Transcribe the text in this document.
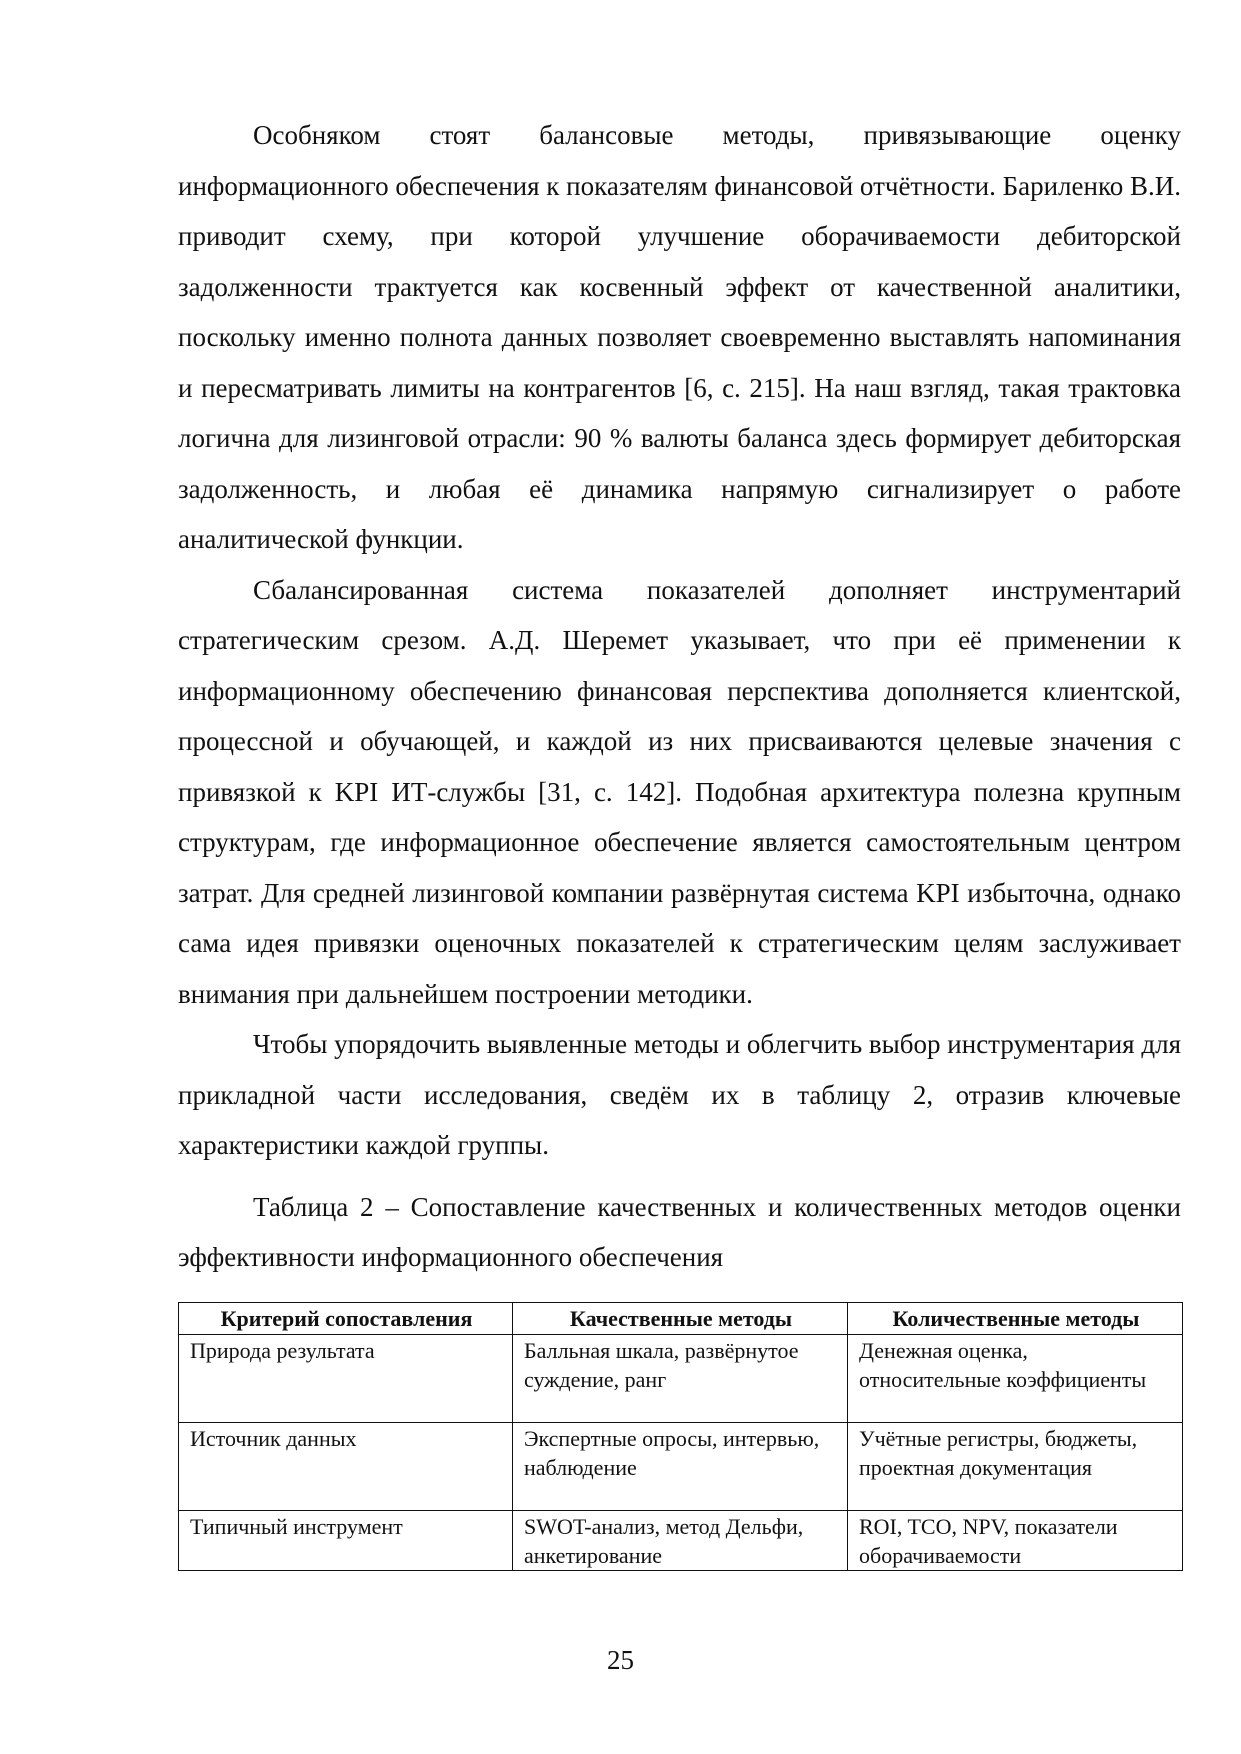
Особняком стоят балансовые методы, привязывающие оценку информационного обеспечения к показателям финансовой отчётности. Бариленко В.И. приводит схему, при которой улучшение оборачиваемости дебиторской задолженности трактуется как косвенный эффект от качественной аналитики, поскольку именно полнота данных позволяет своевременно выставлять напоминания и пересматривать лимиты на контрагентов [6, с. 215]. На наш взгляд, такая трактовка логична для лизинговой отрасли: 90 % валюты баланса здесь формирует дебиторская задолженность, и любая её динамика напрямую сигнализирует о работе аналитической функции.

Сбалансированная система показателей дополняет инструментарий стратегическим срезом. А.Д. Шеремет указывает, что при её применении к информационному обеспечению финансовая перспектива дополняется клиентской, процессной и обучающей, и каждой из них присваиваются целевые значения с привязкой к KPI ИТ-службы [31, с. 142]. Подобная архитектура полезна крупным структурам, где информационное обеспечение является самостоятельным центром затрат. Для средней лизинговой компании развёрнутая система KPI избыточна, однако сама идея привязки оценочных показателей к стратегическим целям заслуживает внимания при дальнейшем построении методики.

Чтобы упорядочить выявленные методы и облегчить выбор инструментария для прикладной части исследования, сведём их в таблицу 2, отразив ключевые характеристики каждой группы.

Таблица 2 – Сопоставление качественных и количественных методов оценки эффективности информационного обеспечения

Критерий сопоставления	Качественные методы	Количественные методы
Природа результата	Балльная шкала, развёрнутое суждение, ранг	Денежная оценка, относительные коэффициенты
Источник данных	Экспертные опросы, интервью, наблюдение	Учётные регистры, бюджеты, проектная документация
Типичный инструмент	SWOT-анализ, метод Дельфи, анкетирование	ROI, TCO, NPV, показатели оборачиваемости
25
